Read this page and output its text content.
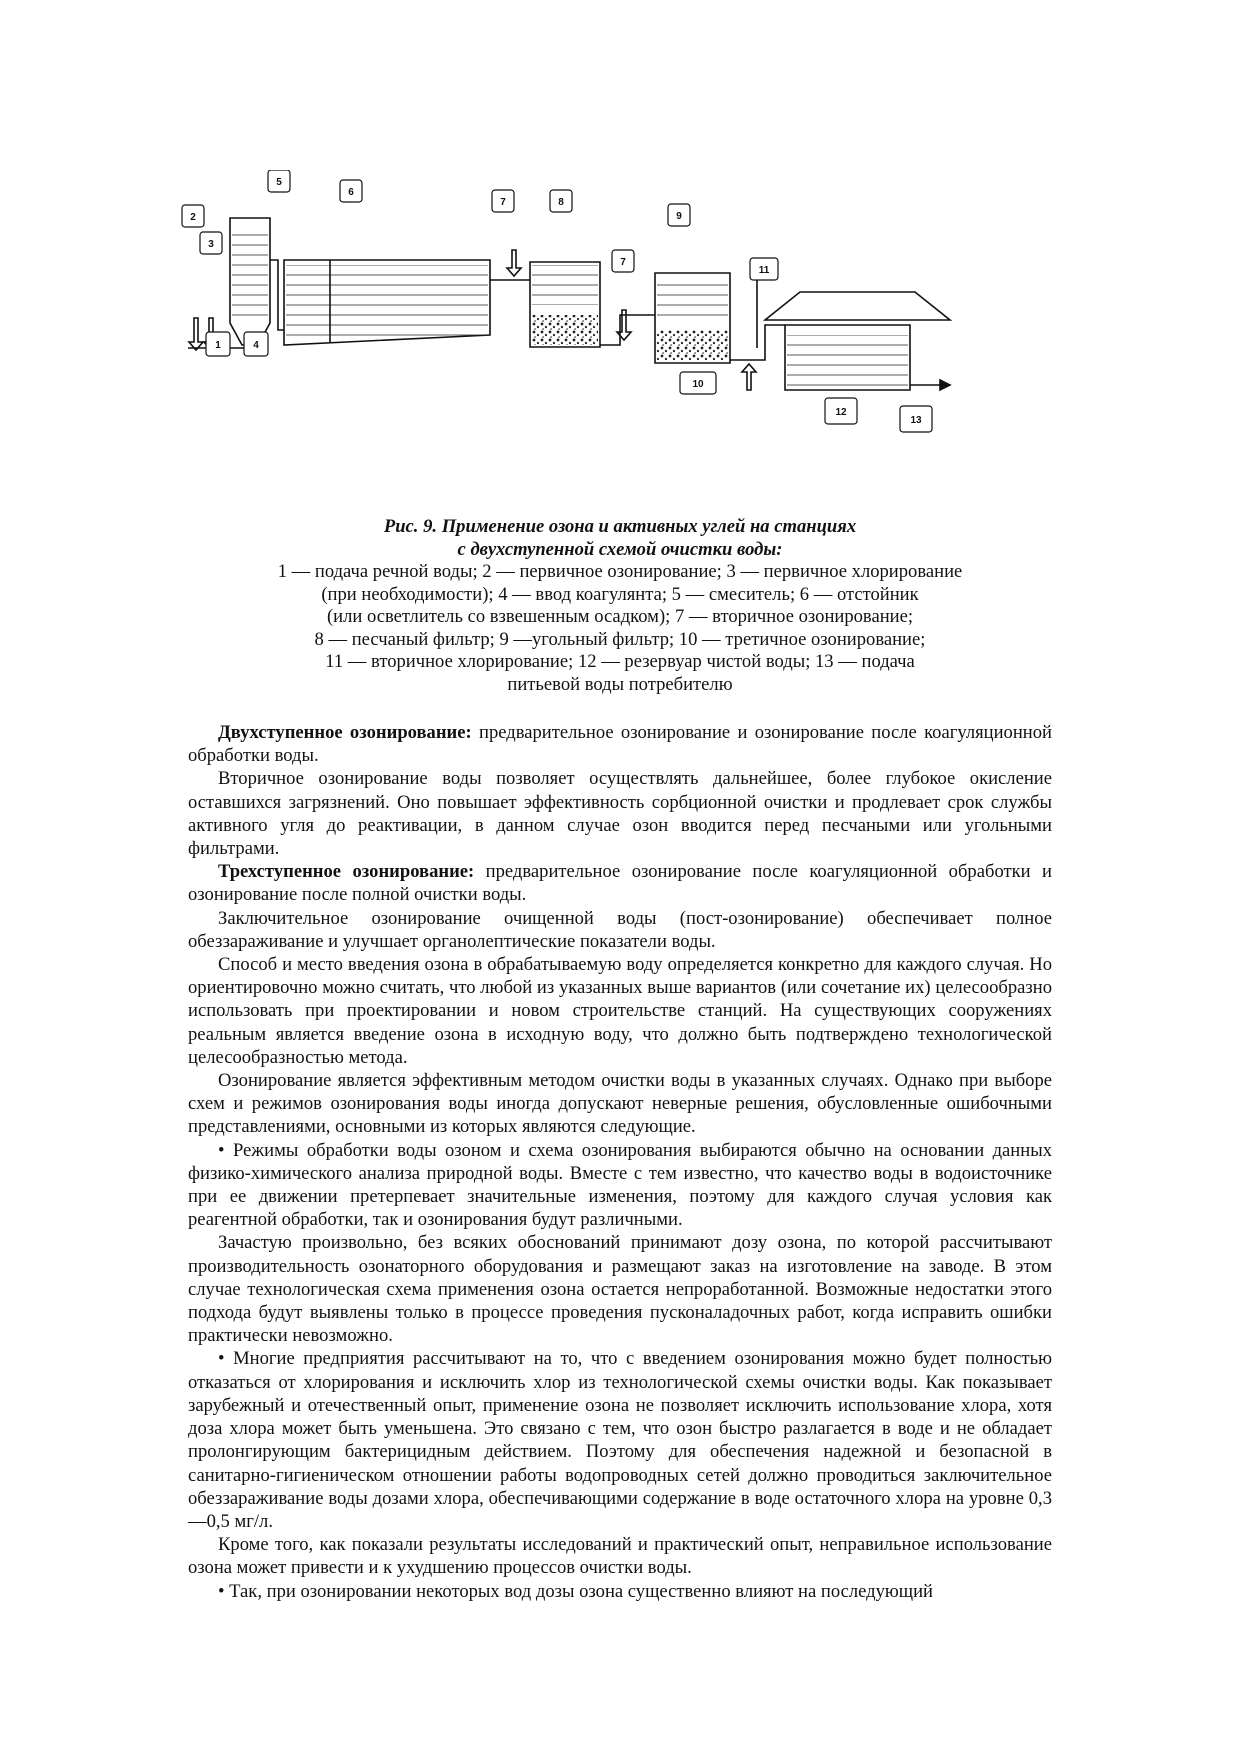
1
2
3
4
5
6
7	8
7
9
10
11
12
13
Рис. 9. Применение озона и активных углей на станциях
с двухступенной схемой очистки воды:
1 — подача речной воды; 2 — первичное озонирование; 3 — первичное хлорирование
(при необходимости); 4 — ввод коагулянта; 5 — смеситель; 6 — отстойник
(или осветлитель со взвешенным осадком); 7 — вторичное озонирование;
8 — песчаный фильтр; 9 —угольный фильтр; 10 — третичное озонирование;
11 — вторичное хлорирование; 12 — резервуар чистой воды; 13 — подача
питьевой воды потребителю

Двухступенное озонирование: предварительное озонирование и озонирование после коагуляционной обработки воды.

Вторичное озонирование воды позволяет осуществлять дальнейшее, более глубокое окисление оставшихся загрязнений. Оно повышает эффективность сорбционной очистки и продлевает срок службы активного угля до реактивации, в данном случае озон вводится перед песчаными или угольными фильтрами.

Трехступенное озонирование: предварительное озонирование после коагуляционной обработки и озонирование после полной очистки воды.

Заключительное озонирование очищенной воды (пост-озонирование) обеспечивает полное обеззараживание и улучшает органолептические показатели воды.

Способ и место введения озона в обрабатываемую воду определяется конкретно для каждого случая. Но ориентировочно можно считать, что любой из указанных выше вариантов (или сочетание их) целесообразно использовать при проектировании и новом строительстве станций. На существующих сооружениях реальным является введение озона в исходную воду, что должно быть подтверждено технологической целесообразностью метода.

Озонирование является эффективным методом очистки воды в указанных случаях. Однако при выборе схем и режимов озонирования воды иногда допускают неверные решения, обусловленные ошибочными представлениями, основными из которых являются следующие.

• Режимы обработки воды озоном и схема озонирования выбираются обычно на основании данных физико-химического анализа природной воды. Вместе с тем известно, что качество воды в водоисточнике при ее движении претерпевает значительные изменения, поэтому для каждого случая условия как реагентной обработки, так и озонирования будут различными.

Зачастую произвольно, без всяких обоснований принимают дозу озона, по которой рассчитывают производительность озонаторного оборудования и размещают заказ на изготовление на заводе. В этом случае технологическая схема применения озона остается непроработанной. Возможные недостатки этого подхода будут выявлены только в процессе проведения пусконаладочных работ, когда исправить ошибки практически невозможно.

• Многие предприятия рассчитывают на то, что с введением озонирования можно будет полностью отказаться от хлорирования и исключить хлор из технологической схемы очистки воды. Как показывает зарубежный и отечественный опыт, применение озона не позволяет исключить использование хлора, хотя доза хлора может быть уменьшена. Это связано с тем, что озон быстро разлагается в воде и не обладает пролонгирующим бактерицидным действием. Поэтому для обеспечения надежной и безопасной в санитарно-гигиеническом отношении работы водопроводных сетей должно проводиться заключительное обеззараживание воды дозами хлора, обеспечивающими содержание в воде остаточного хлора на уровне 0,3—0,5 мг/л.

Кроме того, как показали результаты исследований и практический опыт, неправильное использование озона может привести и к ухудшению процессов очистки воды.

• Так, при озонировании некоторых вод дозы озона существенно влияют на последующий
